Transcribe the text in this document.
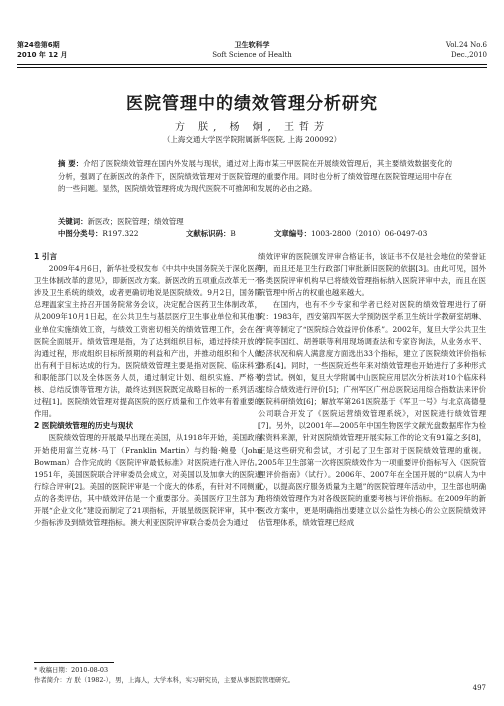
第24卷第6期
2010 年 12 月
卫生软科学
Soft Science of Health
Vol.24 No.6
Dec.,2010
医院管理中的绩效管理分析研究
方 朕, 杨 炯, 王哲芳
（上海交通大学医学院附属新华医院, 上海 200092）
摘 要：介绍了医院绩效管理在国内外发展与现状，通过对上海市某三甲医院在开展绩效管理后，其主要绩效数据变化的分析，强调了在新医改的条件下，医院绩效管理对于医院管理的重要作用。同时也分析了绩效管理在医院管理运用中存在的一些问题。显然，医院绩效管理将成为现代医院不可推卸和发展的必由之路。
关键词：新医改；医院管理；绩效管理
中图分类号：R197.322	文献标识码：B	文章编号：1003-2800（2010）06-0497-03
1 引言

2009年4月6日，新华社受权发布《中共中央国务院关于深化医药卫生体制改革的意见》，即新医改方案。新医改的五项重点改革无一不涉及卫生系统的绩效，或者更确切地说是医院绩效。9月2日，国务院总理温家宝主持召开国务院常务会议，决定配合医药卫生体制改革，从2009年10月1日起，在公共卫生与基层医疗卫生事业单位和其他事业单位实施绩效工资，与绩效工资密切相关的绩效管理工作，会在各医院全面展开。绩效管理是指，为了达到组织目标，通过持续开放的沟通过程，形成组织目标所预期的利益和产出，并推动组织和个人做出有利于目标达成的行为。医院绩效管理主要是指对医院、临床科室和职能部门以及全体医务人员，通过制定计划、组织实施、严格考核、总结反馈等管理方法，最终达到医院既定战略目标的一系列活动过程[1]。医院绩效管理对提高医院的医疗质量和工作效率有着重要的作用。

2 医院绩效管理的历史与现状

医院绩效管理的开展最早出现在美国，从1918年开始，美国政府开始使用富兰克林·马丁（Franklin Martin）与约翰·鲍曼（John Bowman）合作完成的《医院评审最低标准》对医院进行准入评估。1951年，美国医院联合评审委员会成立，对美国以及加拿大的医院进行综合评审[2]。美国的医院评审是一个庞大的体系，有针对不同侧重点的各类评估，其中绩效评估是一个重要部分。美国医疗卫生部为了开展“企业文化”建设而制定了21项指标，开展星级医院评审，其中不少指标涉及到绩效管理指标。澳大利亚医院评审联合委员会为通过

绩效评审的医院颁发评审合格证书，该证书不仅是社会地位的荣誉证明，而且还是卫生行政部门审批新旧医院的依据[3]。由此可见，国外各类医院评审机构早已将绩效管理指标纳入医院评审中去，而且在医院管理中所占的权重也越来越大。

在国内，也有不少专家和学者已经对医院的绩效管理进行了研究：1983年，西安第四军医大学预防医学系卫生统计学教研室胡琳、于爽等制定了“医院综合效益评价体系”。2002年，复旦大学公共卫生学院李国红、胡善联等利用现场调查法和专家咨询法，从业务水平、经济状况和病人满意度方面选出33个指标，建立了医院绩效评价指标体系[4]。同时，一些医院近些年来对绩效管理也开始进行了多种形式的尝试。例如，复旦大学附属中山医院应用层次分析法对10个临床科室综合绩效进行评价[5]；广州军区广州总医院运用综合指数法来评价医院科研绩效[6]；解放军第261医院基于《军卫一号》与北京高德曼公司联合开发了《医院运营绩效管理系统》，对医院进行绩效管理[7]。另外，以2001年—2005年中国生物医学文献光盘数据库作为检索资料来源，针对医院绩效管理开展实际工作的论文有91篇之多[8]，正是这些研究和尝试，才引起了卫生部对于医院绩效管理的重视。2005年卫生部第一次将医院绩效作为一项重要评价指标写入《医院管理评价指南》（试行）。2006年、2007年在全国开展的“以病人为中心，以提高医疗服务质量为主题”的医院管理年活动中，卫生部也明确地将绩效管理作为对各级医院的重要考核与评价指标。在2009年的新医改方案中，更是明确指出要建立以公益性为核心的公立医院绩效评估管理体系，绩效管理已经成

* 收稿日期：2010-08-03
作者简介：方 朕（1982-），男，上海人，大学本科，实习研究员，主要从事医院管理研究。
497
